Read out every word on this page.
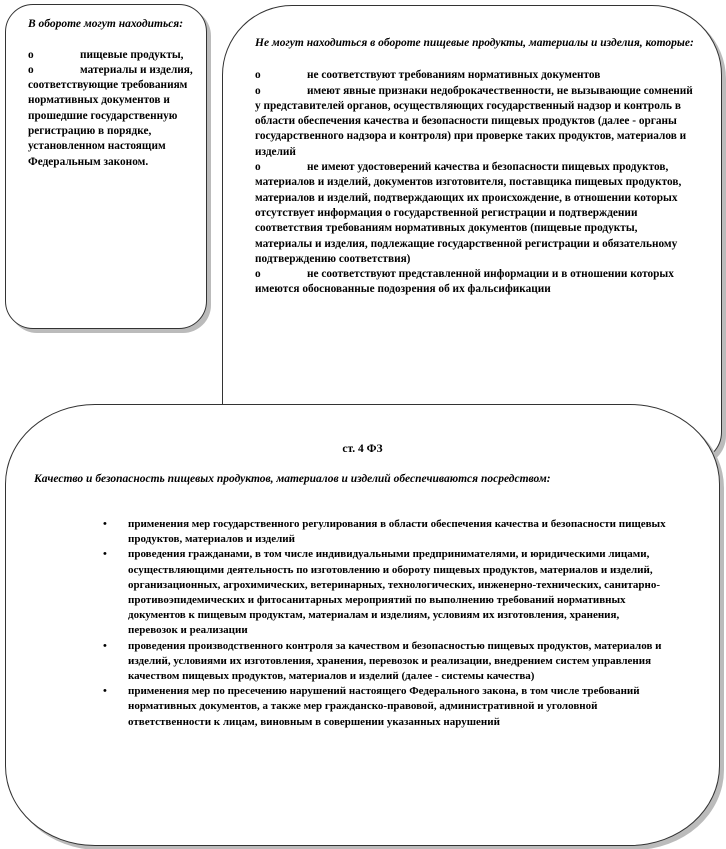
В обороте могут находиться:

o	пищевые продукты,
o	материалы и изделия, соответствующие требованиям нормативных документов и прошедшие государственную регистрацию в порядке, установленном настоящим Федеральным законом.
Не могут находиться в обороте пищевые продукты, материалы и изделия, которые:

o	не соответствуют требованиям нормативных документов
o	имеют явные признаки недоброкачественности, не вызывающие сомнений у представителей органов, осуществляющих государственный надзор и контроль в области обеспечения качества и безопасности пищевых продуктов (далее - органы государственного надзора и контроля) при проверке таких продуктов, материалов и изделий
o	не имеют удостоверений качества и безопасности пищевых продуктов, материалов и изделий, документов изготовителя, поставщика пищевых продуктов, материалов и изделий, подтверждающих их происхождение, в отношении которых отсутствует информация о государственной регистрации и подтверждении соответствия требованиям нормативных документов (пищевые продукты, материалы и изделия, подлежащие государственной регистрации и обязательному подтверждению соответствия)
o	не соответствуют представленной информации и в отношении которых имеются обоснованные подозрения об их фальсификации
ст. 4 ФЗ
Качество и безопасность пищевых продуктов, материалов и изделий обеспечиваются посредством:
• применения мер государственного регулирования в области обеспечения качества и безопасности пищевых продуктов, материалов и изделий
• проведения гражданами, в том числе индивидуальными предпринимателями, и юридическими лицами, осуществляющими деятельность по изготовлению и обороту пищевых продуктов, материалов и изделий, организационных, агрохимических, ветеринарных, технологических, инженерно-технических, санитарно-противоэпидемических и фитосанитарных мероприятий по выполнению требований нормативных документов к пищевым продуктам, материалам и изделиям, условиям их изготовления, хранения, перевозок и реализации
• проведения производственного контроля за качеством и безопасностью пищевых продуктов, материалов и изделий, условиями их изготовления, хранения, перевозок и реализации, внедрением систем управления качеством пищевых продуктов, материалов и изделий (далее - системы качества)
• применения мер по пресечению нарушений настоящего Федерального закона, в том числе требований нормативных документов, а также мер гражданско-правовой, административной и уголовной ответственности к лицам, виновным в совершении указанных нарушений
